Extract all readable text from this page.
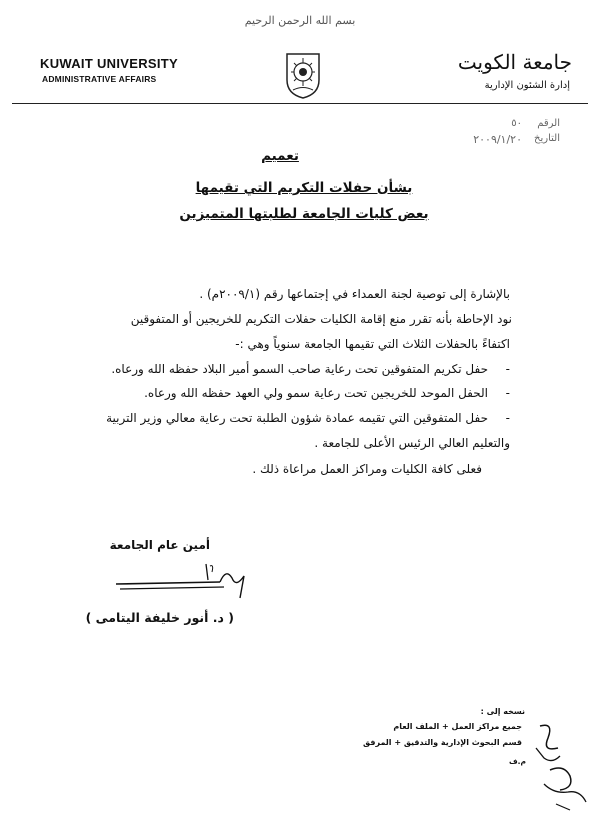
بسم الله الرحمن الرحيم
KUWAIT UNIVERSITY
ADMINISTRATIVE AFFAIRS
جامعة الكويت
إدارة الشئون الإدارية
الرقم
٥٠
التاريخ
٢٠٠٩/١/٢٠
تعميم
بشأن حفلات التكريم التي تقيمها
بعض كليات الجامعة لطلبتها المتميزين
بالإشارة إلى توصية لجنة العمداء في إجتماعها رقم (٢٠٠٩/١م) .
نود الإحاطة بأنه تقرر منع إقامة الكليات حفلات التكريم للخريجين أو المتفوقين
اكتفاءً بالحفلات الثلاث التي تقيمها الجامعة سنوياً وهي :-
-حفل تكريم المتفوقين تحت رعاية صاحب السمو أمير البلاد حفظه الله ورعاه.
-الحفل الموحد للخريجين تحت رعاية سمو ولي العهد حفظه الله ورعاه.
-حفل المتفوقين التي تقيمه عمادة شؤون الطلبة تحت رعاية معالي وزير التربية
والتعليم العالي الرئيس الأعلى للجامعة .
فعلى كافة الكليات ومراكز العمل مراعاة ذلك .
أمين عام الجامعة
( د. أنور خليفة اليتامى )
نسخه إلى :
جميع مراكز العمل + الملف العام
قسم البحوث الإدارية والتدقيق + المرفق
م.ف
